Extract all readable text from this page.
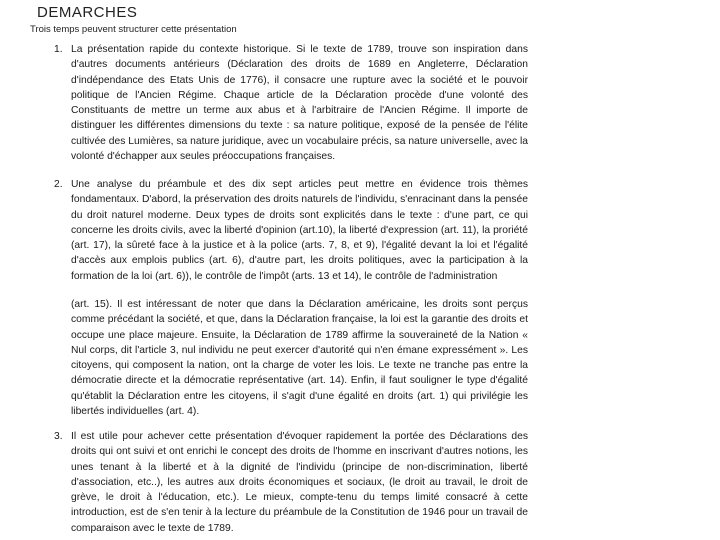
DEMARCHES
Trois temps peuvent structurer cette présentation
1. La présentation rapide du contexte historique. Si le texte de 1789, trouve son inspiration dans d'autres documents antérieurs (Déclaration des droits de 1689 en Angleterre, Déclaration d'indépendance des Etats Unis de 1776), il consacre une rupture avec la société et le pouvoir politique de l'Ancien Régime. Chaque article de la Déclaration procède d'une volonté des Constituants de mettre un terme aux abus et à l'arbitraire de l'Ancien Régime. Il importe de distinguer les différentes dimensions du texte : sa nature politique, exposé de la pensée de l'élite cultivée des Lumières, sa nature juridique, avec un vocabulaire précis, sa nature universelle, avec la volonté d'échapper aux seules préoccupations françaises.
2. Une analyse du préambule et des dix sept articles peut mettre en évidence trois thèmes fondamentaux. D'abord, la préservation des droits naturels de l'individu, s'enracinant dans la pensée du droit naturel moderne. Deux types de droits sont explicités dans le texte : d'une part, ce qui concerne les droits civils, avec la liberté d'opinion (art.10), la liberté d'expression (art. 11), la proriété (art. 17), la sûreté face à la justice et à la police (arts. 7, 8, et 9), l'égalité devant la loi et l'égalité d'accès aux emplois publics (art. 6), d'autre part, les droits politiques, avec la participation à la formation de la loi (art. 6)), le contrôle de l'impôt (arts. 13 et 14), le contrôle de l'administration
(art. 15). Il est intéressant de noter que dans la Déclaration américaine, les droits sont perçus comme précédant la société, et que, dans la Déclaration française, la loi est la garantie des droits et occupe une place majeure. Ensuite, la Déclaration de 1789 affirme la souveraineté de la Nation « Nul corps, dit l'article 3, nul individu ne peut exercer d'autorité qui n'en émane expressément ». Les citoyens, qui composent la nation, ont la charge de voter les lois. Le texte ne tranche pas entre la démocratie directe et la démocratie représentative (art. 14). Enfin, il faut souligner le type d'égalité qu'établit la Déclaration entre les citoyens, il s'agit d'une égalité en droits (art. 1) qui privilégie les libertés individuelles (art. 4).
3. Il est utile pour achever cette présentation d'évoquer rapidement la portée des Déclarations des droits qui ont suivi et ont enrichi le concept des droits de l'homme en inscrivant d'autres notions, les unes tenant à la liberté et à la dignité de l'individu (principe de non-discrimination, liberté d'association, etc..), les autres aux droits économiques et sociaux, (le droit au travail, le droit de grève, le droit à l'éducation, etc.). Le mieux, compte-tenu du temps limité consacré à cette introduction, est de s'en tenir à la lecture du préambule de la Constitution de 1946 pour un travail de comparaison avec le texte de 1789.
